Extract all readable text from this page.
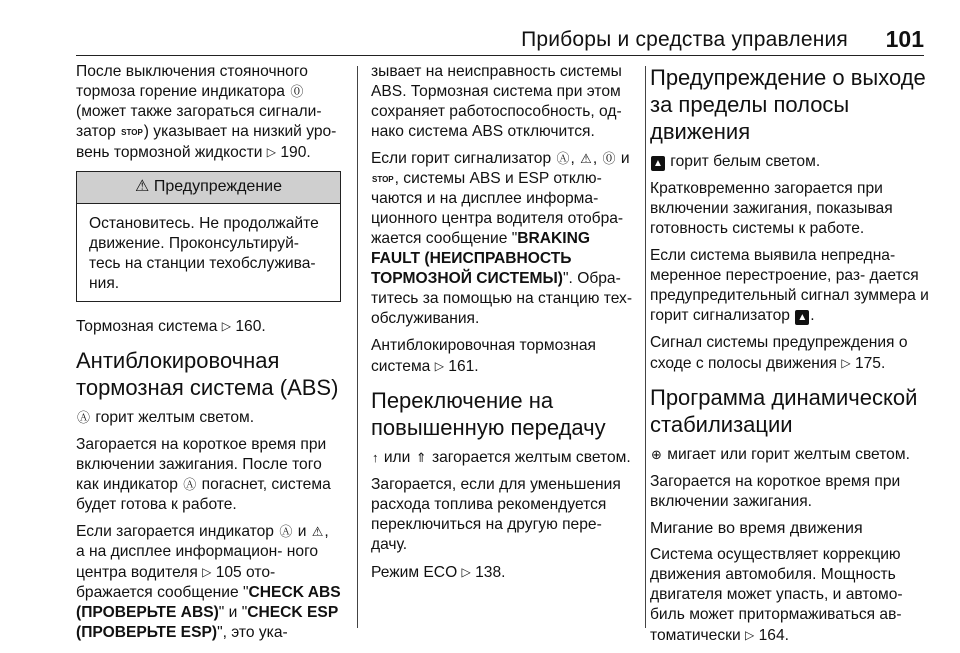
Приборы и средства управления 101

После выключения стояночного тормоза горение индикатора ⓪ (может также загораться сигнали- затор STOP) указывает на низкий уро- вень тормозной жидкости ▷ 190.

⚠ Предупреждение
Остановитесь. Не продолжайте движение. Проконсультируй- тесь на станции техобслужива- ния.

Тормозная система ▷ 160.

Антиблокировочная тормозная система (ABS)

Ⓐ горит желтым светом.

Загорается на короткое время при включении зажигания. После того как индикатор Ⓐ погаснет, система будет готова к работе.

Если загорается индикатор Ⓐ и ⚠, а на дисплее информацион- ного центра водителя ▷ 105 ото- бражается сообщение "CHECK ABS (ПРОВЕРЬТЕ ABS)" и "CHECK ESP (ПРОВЕРЬТЕ ESP)", это ука-

зывает на неисправность системы ABS. Тормозная система при этом сохраняет работоспособность, од- нако система ABS отключится.

Если горит сигнализатор Ⓐ, ⚠, ⓪ и STOP, системы ABS и ESP отклю- чаются и на дисплее информа- ционного центра водителя отобра- жается сообщение "BRAKING FAULT (НЕИСПРАВНОСТЬ ТОРМОЗНОЙ СИСТЕМЫ)". Обра- титесь за помощью на станцию тех- обслуживания.

Антиблокировочная тормозная система ▷ 161.

Переключение на повышенную передачу

↑ или ⇑ загорается желтым светом.

Загорается, если для уменьшения расхода топлива рекомендуется переключиться на другую пере- дачу.

Режим ECO ▷ 138.

Предупреждение о выходе за пределы полосы движения

▲ горит белым светом.

Кратковременно загорается при включении зажигания, показывая готовность системы к работе.

Если система выявила непредна- меренное перестроение, раз- дается предупредительный сигнал зуммера и горит сигнализатор ▲ .

Сигнал системы предупреждения о сходе с полосы движения ▷ 175.

Программа динамической стабилизации

⊕ мигает или горит желтым светом.

Загорается на короткое время при включении зажигания.

Мигание во время движения

Система осуществляет коррекцию движения автомобиля. Мощность двигателя может упасть, и автомо- биль может притормаживаться ав- томатически ▷ 164.
